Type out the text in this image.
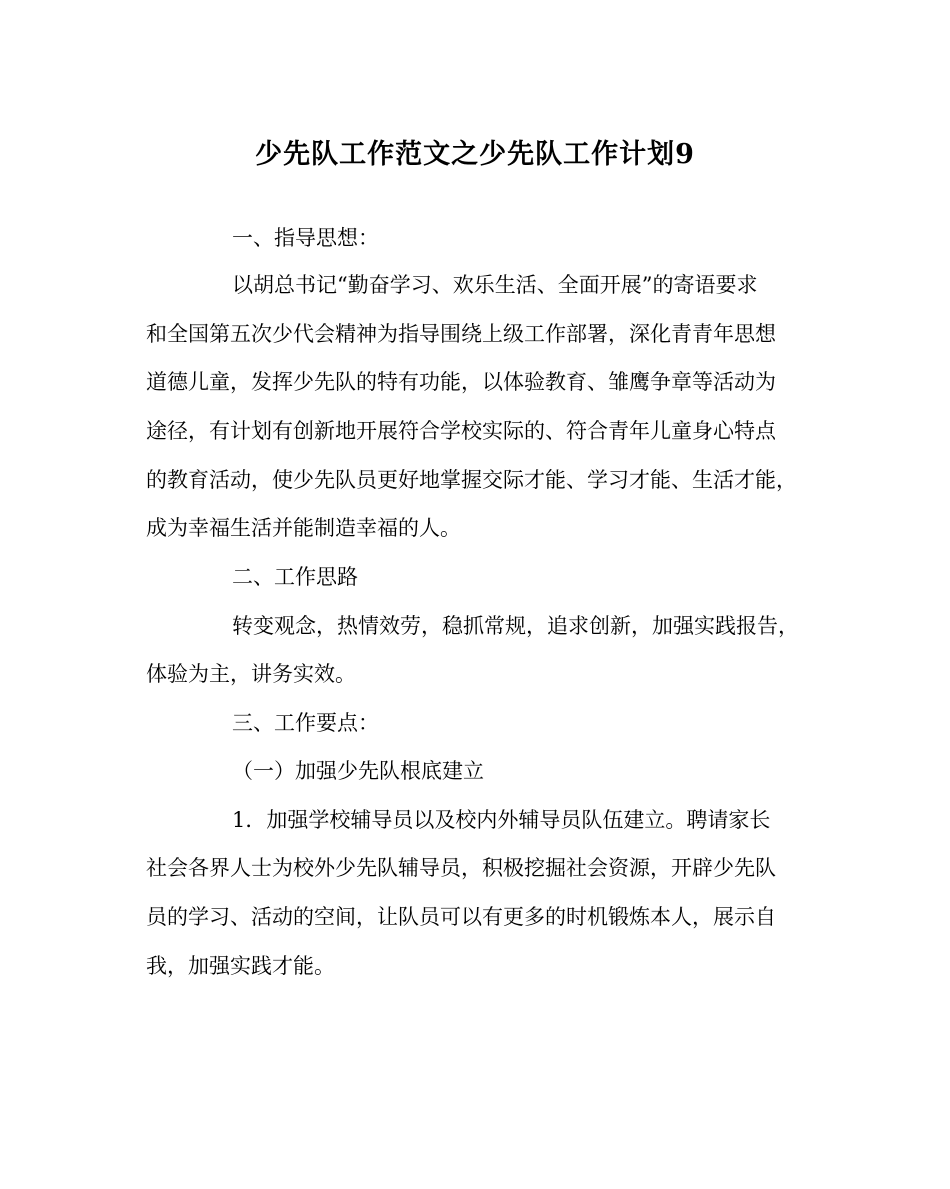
少先队工作范文之少先队工作计划9
一、指导思想：
以胡总书记“勤奋学习、欢乐生活、全面开展”的寄语要求
和全国第五次少代会精神为指导围绕上级工作部署，深化青青年思想
道德儿童，发挥少先队的特有功能，以体验教育、雏鹰争章等活动为
途径，有计划有创新地开展符合学校实际的、符合青年儿童身心特点
的教育活动，使少先队员更好地掌握交际才能、学习才能、生活才能，
成为幸福生活并能制造幸福的人。
二、工作思路
转变观念，热情效劳，稳抓常规，追求创新，加强实践报告，
体验为主，讲务实效。
三、工作要点：
（一）加强少先队根底建立
1．加强学校辅导员以及校内外辅导员队伍建立。聘请家长
社会各界人士为校外少先队辅导员，积极挖掘社会资源，开辟少先队
员的学习、活动的空间，让队员可以有更多的时机锻炼本人，展示自
我，加强实践才能。
